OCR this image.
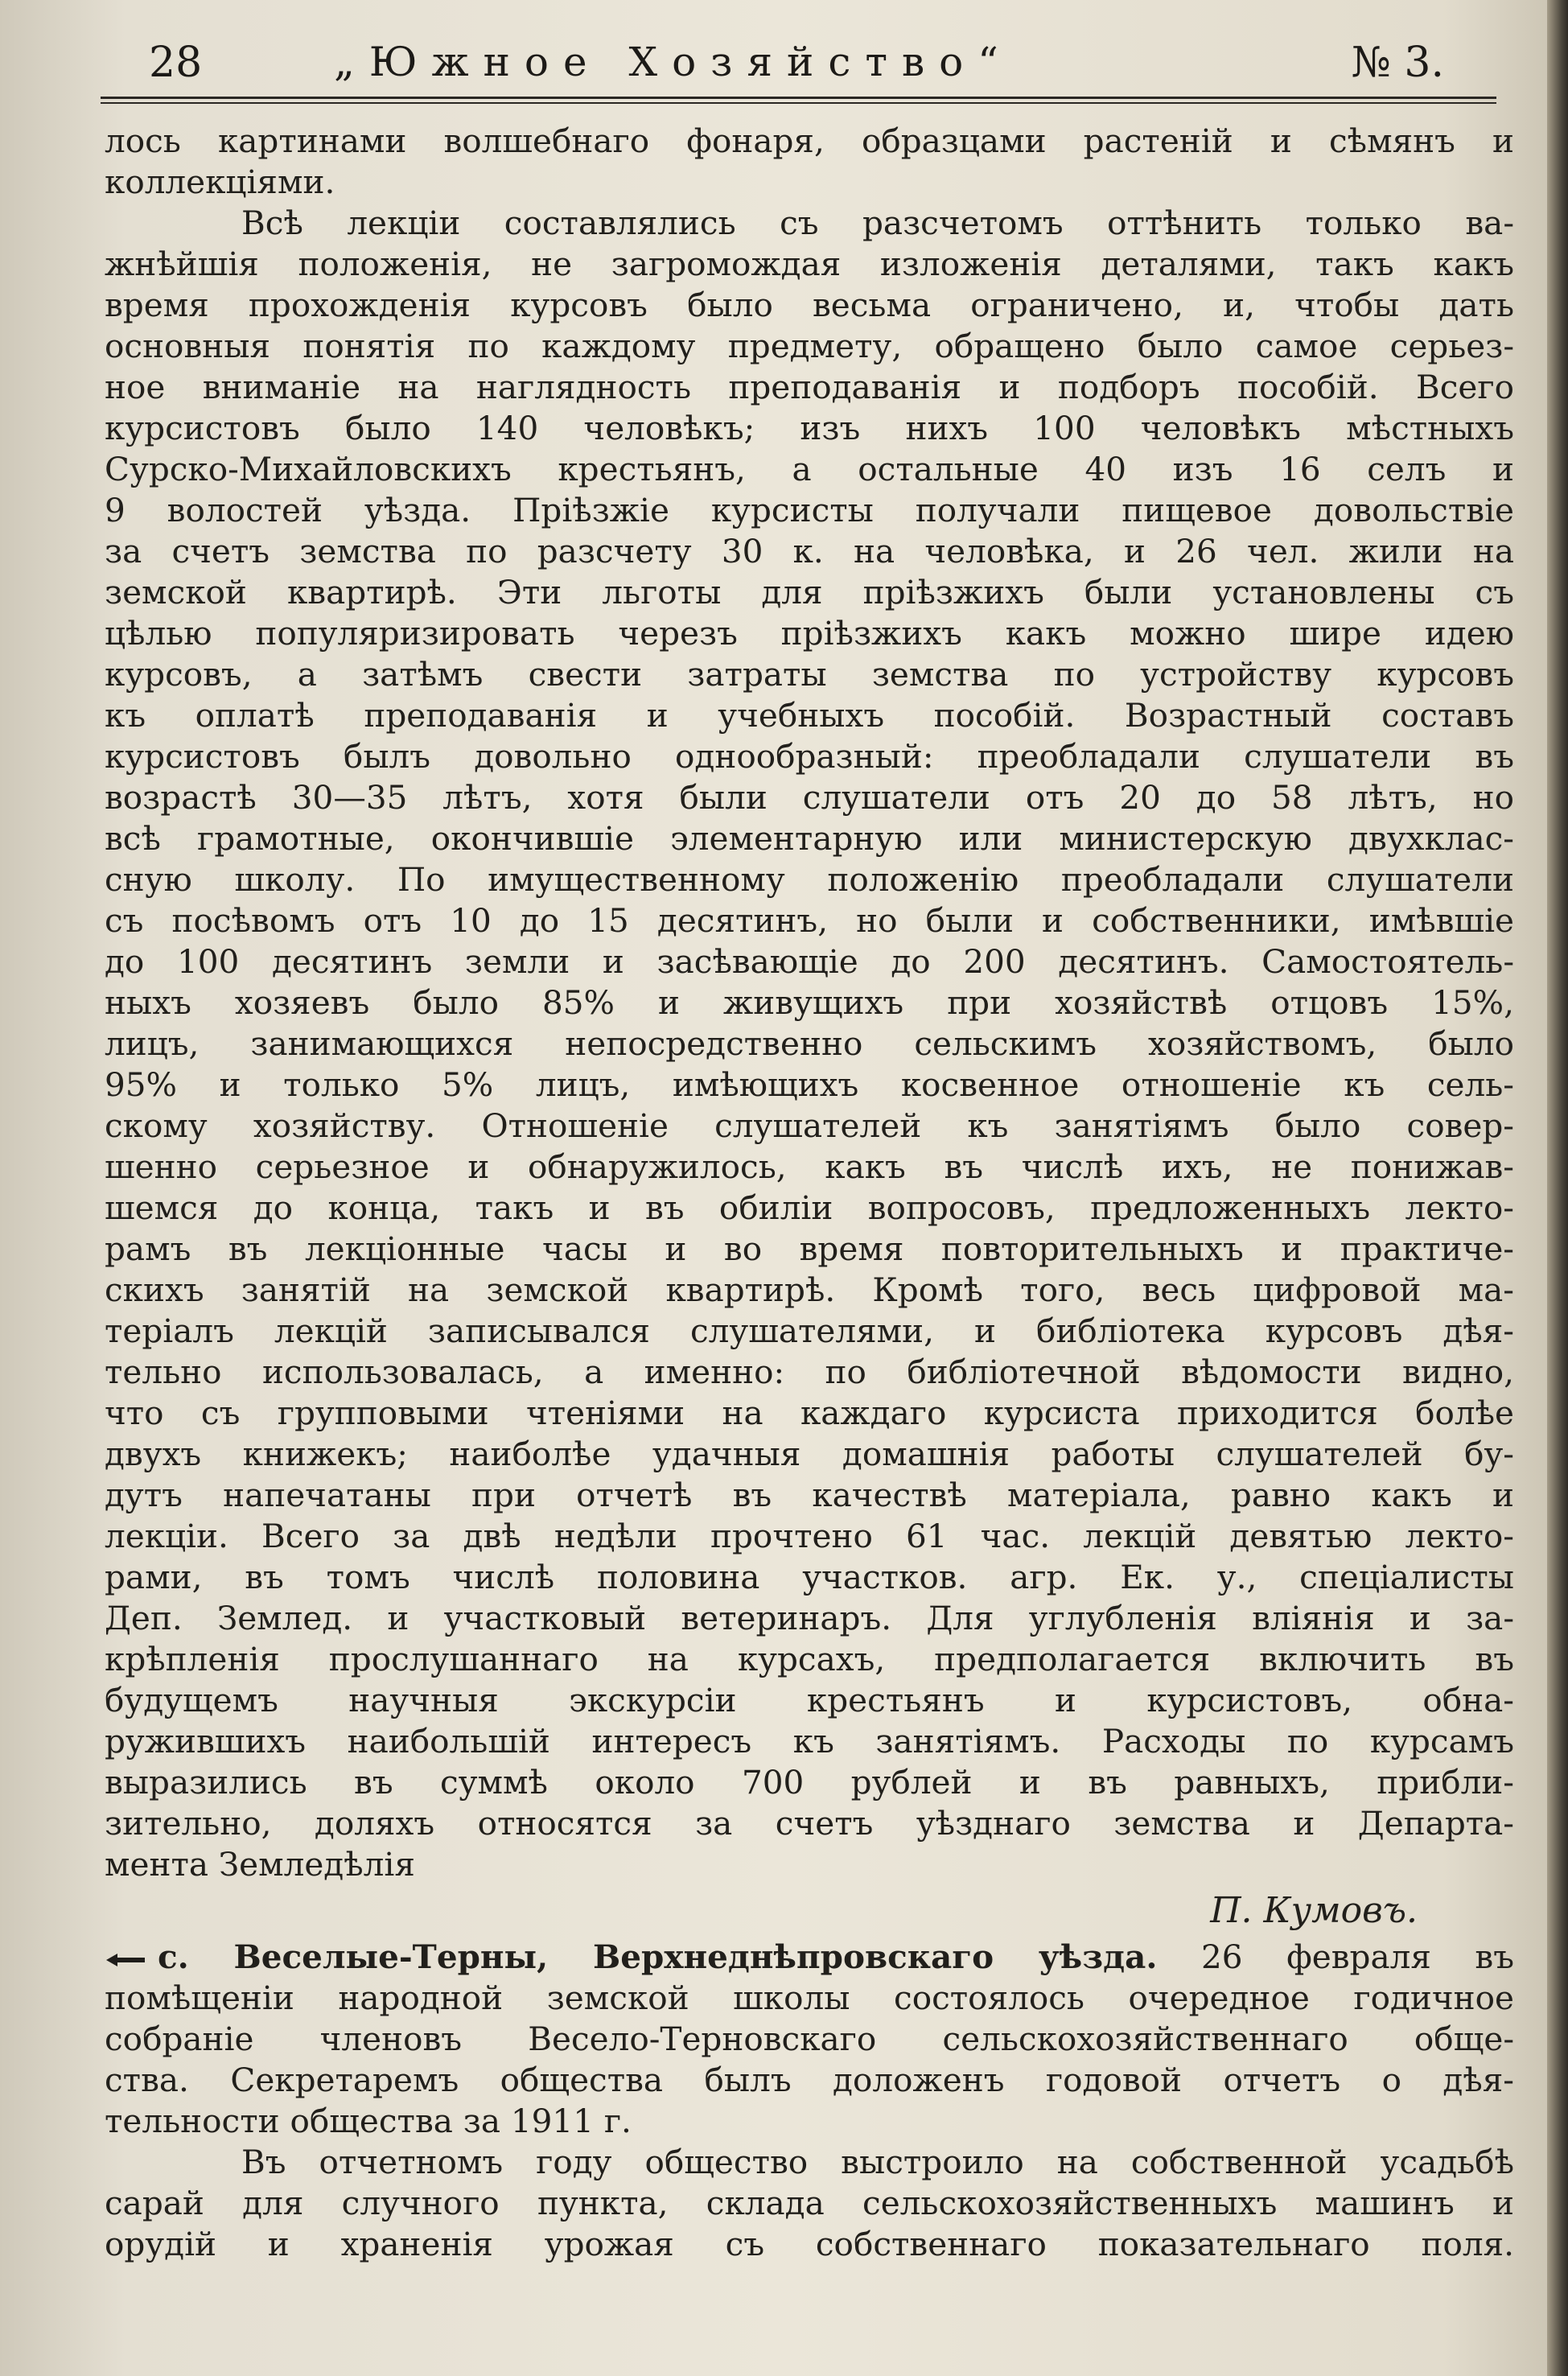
28	„Южное Хозяйство“	№ 3.
лось картинами волшебнаго фонаря, образцами растеній и сѣмянъ и
коллекціями.
Всѣ лекціи составлялись съ разсчетомъ оттѣнить только ва-
жнѣйшія положенія, не загромождая изложенія деталями, такъ какъ
время прохожденія курсовъ было весьма ограничено, и, чтобы дать
основныя понятія по каждому предмету, обращено было самое серьез-
ное вниманіе на наглядность преподаванія и подборъ пособій. Всего
курсистовъ было 140 человѣкъ; изъ нихъ 100 человѣкъ мѣстныхъ
Сурско-Михайловскихъ крестьянъ, а остальные 40 изъ 16 селъ и
9 волостей уѣзда. Пріѣзжіе курсисты получали пищевое довольствіе
за счетъ земства по разсчету 30 к. на человѣка, и 26 чел. жили на
земской квартирѣ. Эти льготы для пріѣзжихъ были установлены съ
цѣлью популяризировать черезъ пріѣзжихъ какъ можно шире идею
курсовъ, а затѣмъ свести затраты земства по устройству курсовъ
къ оплатѣ преподаванія и учебныхъ пособій. Возрастный составъ
курсистовъ былъ довольно однообразный: преобладали слушатели въ
возрастѣ 30—35 лѣтъ, хотя были слушатели отъ 20 до 58 лѣтъ, но
всѣ грамотные, окончившіе элементарную или министерскую двухклас-
сную школу. По имущественному положенію преобладали слушатели
съ посѣвомъ отъ 10 до 15 десятинъ, но были и собственники, имѣвшіе
до 100 десятинъ земли и засѣвающіе до 200 десятинъ. Самостоятель-
ныхъ хозяевъ было 85% и живущихъ при хозяйствѣ отцовъ 15%,
лицъ, занимающихся непосредственно сельскимъ хозяйствомъ, было
95% и только 5% лицъ, имѣющихъ косвенное отношеніе къ сель-
скому хозяйству. Отношеніе слушателей къ занятіямъ было совер-
шенно серьезное и обнаружилось, какъ въ числѣ ихъ, не понижав-
шемся до конца, такъ и въ обиліи вопросовъ, предложенныхъ лекто-
рамъ въ лекціонные часы и во время повторительныхъ и практиче-
скихъ занятій на земской квартирѣ. Кромѣ того, весь цифровой ма-
теріалъ лекцій записывался слушателями, и библіотека курсовъ дѣя-
тельно использовалась, а именно: по библіотечной вѣдомости видно,
что съ групповыми чтеніями на каждаго курсиста приходится болѣе
двухъ книжекъ; наиболѣе удачныя домашнія работы слушателей бу-
дутъ напечатаны при отчетѣ въ качествѣ матеріала, равно какъ и
лекціи. Всего за двѣ недѣли прочтено 61 час. лекцій девятью лекто-
рами, въ томъ числѣ половина участков. агр. Ек. у., спеціалисты
Деп. Землед. и участковый ветеринаръ. Для углубленія вліянія и за-
крѣпленія прослушаннаго на курсахъ, предполагается включить въ
будущемъ научныя экскурсіи крестьянъ и курсистовъ, обна-
ружившихъ наибольшій интересъ къ занятіямъ. Расходы по курсамъ
выразились въ суммѣ около 700 рублей и въ равныхъ, прибли-
зительно, доляхъ относятся за счетъ уѣзднаго земства и Департа-
мента Земледѣлія
П. Кумовъ.
с. Веселые-Терны, Верхнеднѣпровскаго уѣзда. 26 февраля въ
помѣщеніи народной земской школы состоялось очередное годичное
собраніе членовъ Весело-Терновскаго сельскохозяйственнаго обще-
ства. Секретаремъ общества былъ доложенъ годовой отчетъ о дѣя-
тельности общества за 1911 г.
Въ отчетномъ году общество выстроило на собственной усадьбѣ
сарай для случного пункта, склада сельскохозяйственныхъ машинъ и
орудій и храненія урожая съ собственнаго показательнаго поля.
